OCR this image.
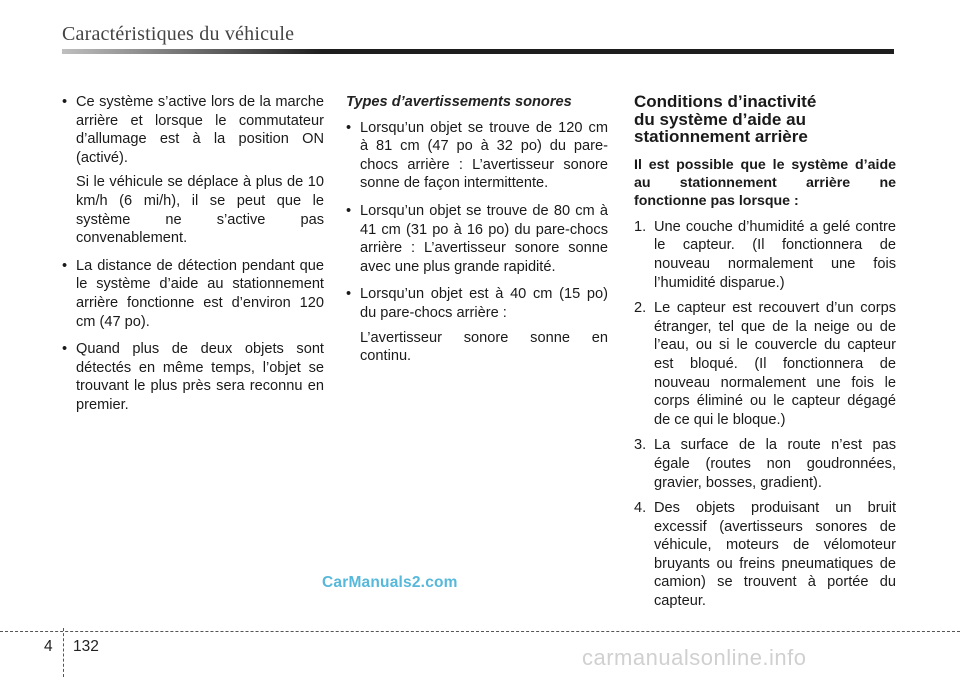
Caractéristiques du véhicule
• Ce système s’active lors de la marche arrière et lorsque le commutateur d’allumage est à la position ON (activé).

Si le véhicule se déplace à plus de 10 km/h (6 mi/h), il se peut que le système ne s’active pas convenablement.

• La distance de détection pendant que le système d’aide au stationnement arrière fonctionne est d’environ 120 cm (47 po).

• Quand plus de deux objets sont détectés en même temps, l’objet se trouvant le plus près sera reconnu en premier.

Types d’avertissements sonores
• Lorsqu’un objet se trouve de 120 cm à 81 cm (47 po à 32 po) du pare-chocs arrière : L’avertisseur sonore sonne de façon intermittente.

• Lorsqu’un objet se trouve de 80 cm à 41 cm (31 po à 16 po) du pare-chocs arrière : L’avertisseur sonore sonne avec une plus grande rapidité.

• Lorsqu’un objet est à 40 cm (15 po) du pare-chocs arrière :

L’avertisseur sonore sonne en continu.

Conditions d’inactivité
du système d’aide au
stationnement arrière

Il est possible que le système d’aide au stationnement arrière ne fonctionne pas lorsque :

1. Une couche d’humidité a gelé contre le capteur. (Il fonctionnera de nouveau normalement une fois l’humidité disparue.)

2. Le capteur est recouvert d’un corps étranger, tel que de la neige ou de l’eau, ou si le couvercle du capteur est bloqué. (Il fonctionnera de nouveau normalement une fois le corps éliminé ou le capteur dégagé de ce qui le bloque.)

3. La surface de la route n’est pas égale (routes non goudronnées, gravier, bosses, gradient).

4. Des objets produisant un bruit excessif (avertisseurs sonores de véhicule, moteurs de vélomoteur bruyants ou freins pneumatiques de camion) se trouvent à portée du capteur.

CarManuals2.com
4 132	carmanualsonline.info
